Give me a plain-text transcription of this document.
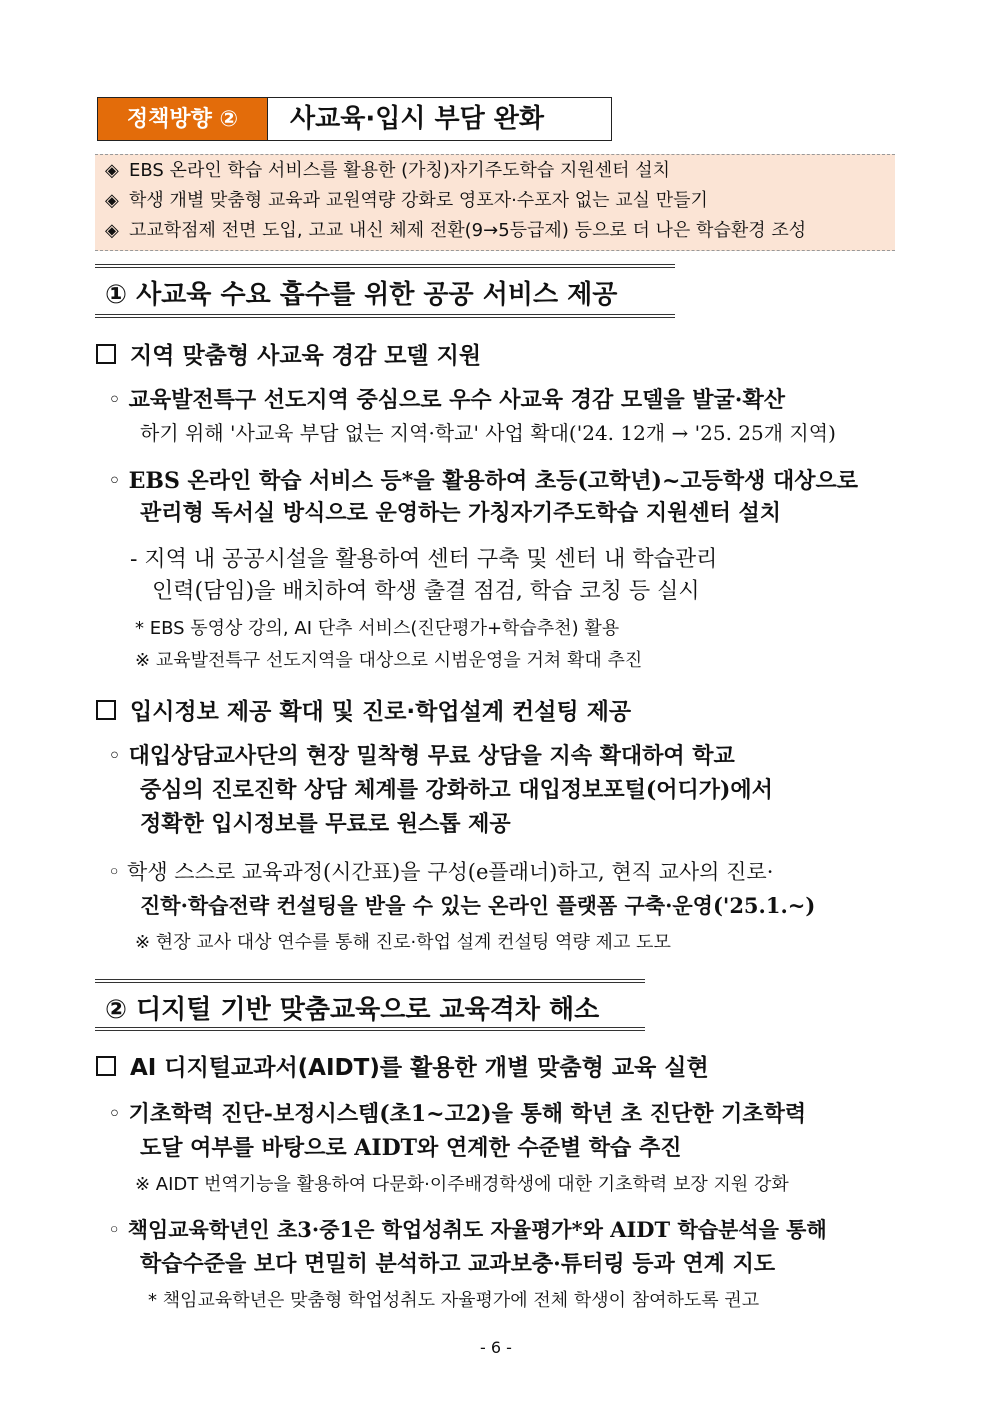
정책방향 ②	사교육·입시 부담 완화
◈ EBS 온라인 학습 서비스를 활용한 (가칭)자기주도학습 지원센터 설치
◈ 학생 개별 맞춤형 교육과 교원역량 강화로 영포자·수포자 없는 교실 만들기
◈ 고교학점제 전면 도입, 고교 내신 체제 전환(9→5등급제) 등으로 더 나은 학습환경 조성
① 사교육 수요 흡수를 위한 공공 서비스 제공
지역 맞춤형 사교육 경감 모델 지원
◦ 교육발전특구 선도지역 중심으로 우수 사교육 경감 모델을 발굴·확산
하기 위해 '사교육 부담 없는 지역·학교' 사업 확대('24. 12개 → '25. 25개 지역)
◦ EBS 온라인 학습 서비스 등*을 활용하여 초등(고학년)~고등학생 대상으로
관리형 독서실 방식으로 운영하는 가칭자기주도학습 지원센터 설치
- 지역 내 공공시설을 활용하여 센터 구축 및 센터 내 학습관리
인력(담임)을 배치하여 학생 출결 점검, 학습 코칭 등 실시
* EBS 동영상 강의, AI 단추 서비스(진단평가+학습추천) 활용
※ 교육발전특구 선도지역을 대상으로 시범운영을 거쳐 확대 추진
입시정보 제공 확대 및 진로·학업설계 컨설팅 제공
◦ 대입상담교사단의 현장 밀착형 무료 상담을 지속 확대하여 학교
중심의 진로진학 상담 체계를 강화하고 대입정보포털(어디가)에서
정확한 입시정보를 무료로 원스톱 제공
◦ 학생 스스로 교육과정(시간표)을 구성(e플래너)하고, 현직 교사의 진로·
진학·학습전략 컨설팅을 받을 수 있는 온라인 플랫폼 구축·운영('25.1.~)
※ 현장 교사 대상 연수를 통해 진로·학업 설계 컨설팅 역량 제고 도모
② 디지털 기반 맞춤교육으로 교육격차 해소
AI 디지털교과서(AIDT)를 활용한 개별 맞춤형 교육 실현
◦ 기초학력 진단-보정시스템(초1~고2)을 통해 학년 초 진단한 기초학력
도달 여부를 바탕으로 AIDT와 연계한 수준별 학습 추진
※ AIDT 번역기능을 활용하여 다문화·이주배경학생에 대한 기초학력 보장 지원 강화
◦ 책임교육학년인 초3·중1은 학업성취도 자율평가*와 AIDT 학습분석을 통해
학습수준을 보다 면밀히 분석하고 교과보충·튜터링 등과 연계 지도
* 책임교육학년은 맞춤형 학업성취도 자율평가에 전체 학생이 참여하도록 권고
- 6 -
